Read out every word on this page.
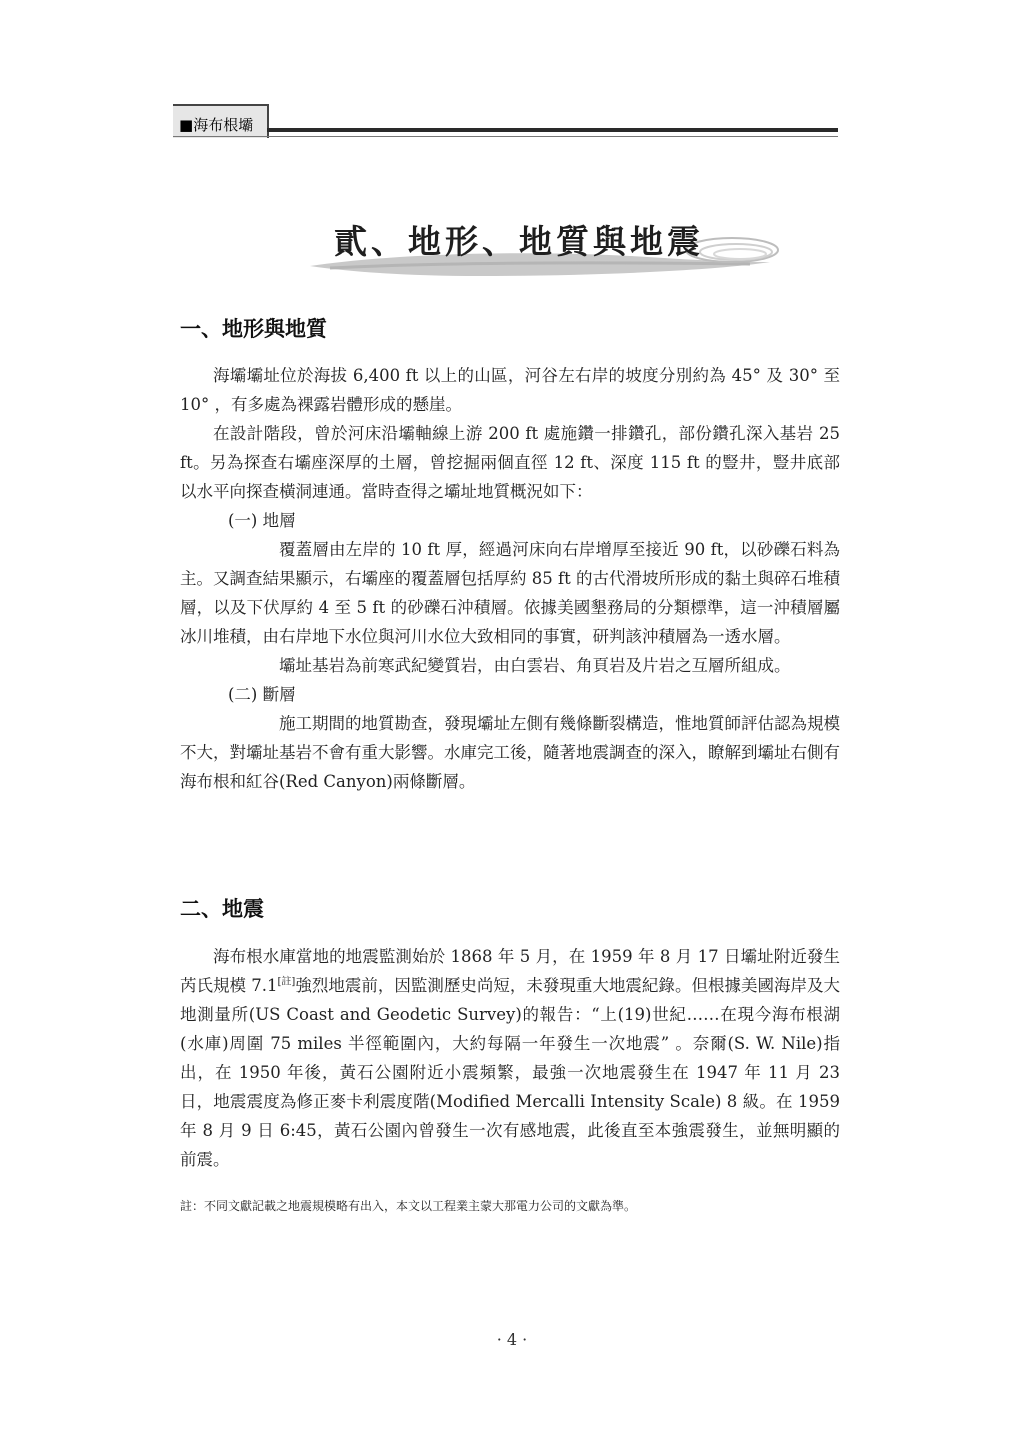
■海布根壩
貳、地形、地質與地震
一、地形與地質

海壩壩址位於海拔 6,400 ft 以上的山區，河谷左右岸的坡度分別約為 45° 及 30° 至 10° ，有多處為裸露岩體形成的懸崖。

在設計階段，曾於河床沿壩軸線上游 200 ft 處施鑽一排鑽孔，部份鑽孔深入基岩 25 ft。另為探查右壩座深厚的土層，曾挖掘兩個直徑 12 ft、深度 115 ft 的豎井，豎井底部以水平向探查橫洞連通。當時查得之壩址地質概況如下：

(一) 地層

覆蓋層由左岸的 10 ft 厚，經過河床向右岸增厚至接近 90 ft，以砂礫石料為主。又調查結果顯示，右壩座的覆蓋層包括厚約 85 ft 的古代滑坡所形成的黏土與碎石堆積層，以及下伏厚約 4 至 5 ft 的砂礫石沖積層。依據美國墾務局的分類標準，這一沖積層屬冰川堆積，由右岸地下水位與河川水位大致相同的事實，研判該沖積層為一透水層。

壩址基岩為前寒武紀變質岩，由白雲岩、角頁岩及片岩之互層所組成。

(二) 斷層

施工期間的地質勘查，發現壩址左側有幾條斷裂構造，惟地質師評估認為規模不大，對壩址基岩不會有重大影響。水庫完工後，隨著地震調查的深入，瞭解到壩址右側有海布根和紅谷(Red Canyon)兩條斷層。

二、地震

海布根水庫當地的地震監測始於 1868 年 5 月，在 1959 年 8 月 17 日壩址附近發生芮氏規模 7.1[註]強烈地震前，因監測歷史尚短，未發現重大地震紀錄。但根據美國海岸及大地測量所(US Coast and Geodetic Survey)的報告：“上(19)世紀……在現今海布根湖(水庫)周圍 75 miles 半徑範圍內，大約每隔一年發生一次地震” 。奈爾(S. W. Nile)指出，在 1950 年後，黃石公園附近小震頻繁，最強一次地震發生在 1947 年 11 月 23 日，地震震度為修正麥卡利震度階(Modified Mercalli Intensity Scale) 8 級。在 1959 年 8 月 9 日 6:45，黃石公園內曾發生一次有感地震，此後直至本強震發生，並無明顯的前震。

註：不同文獻記載之地震規模略有出入，本文以工程業主蒙大那電力公司的文獻為準。
· 4 ·
